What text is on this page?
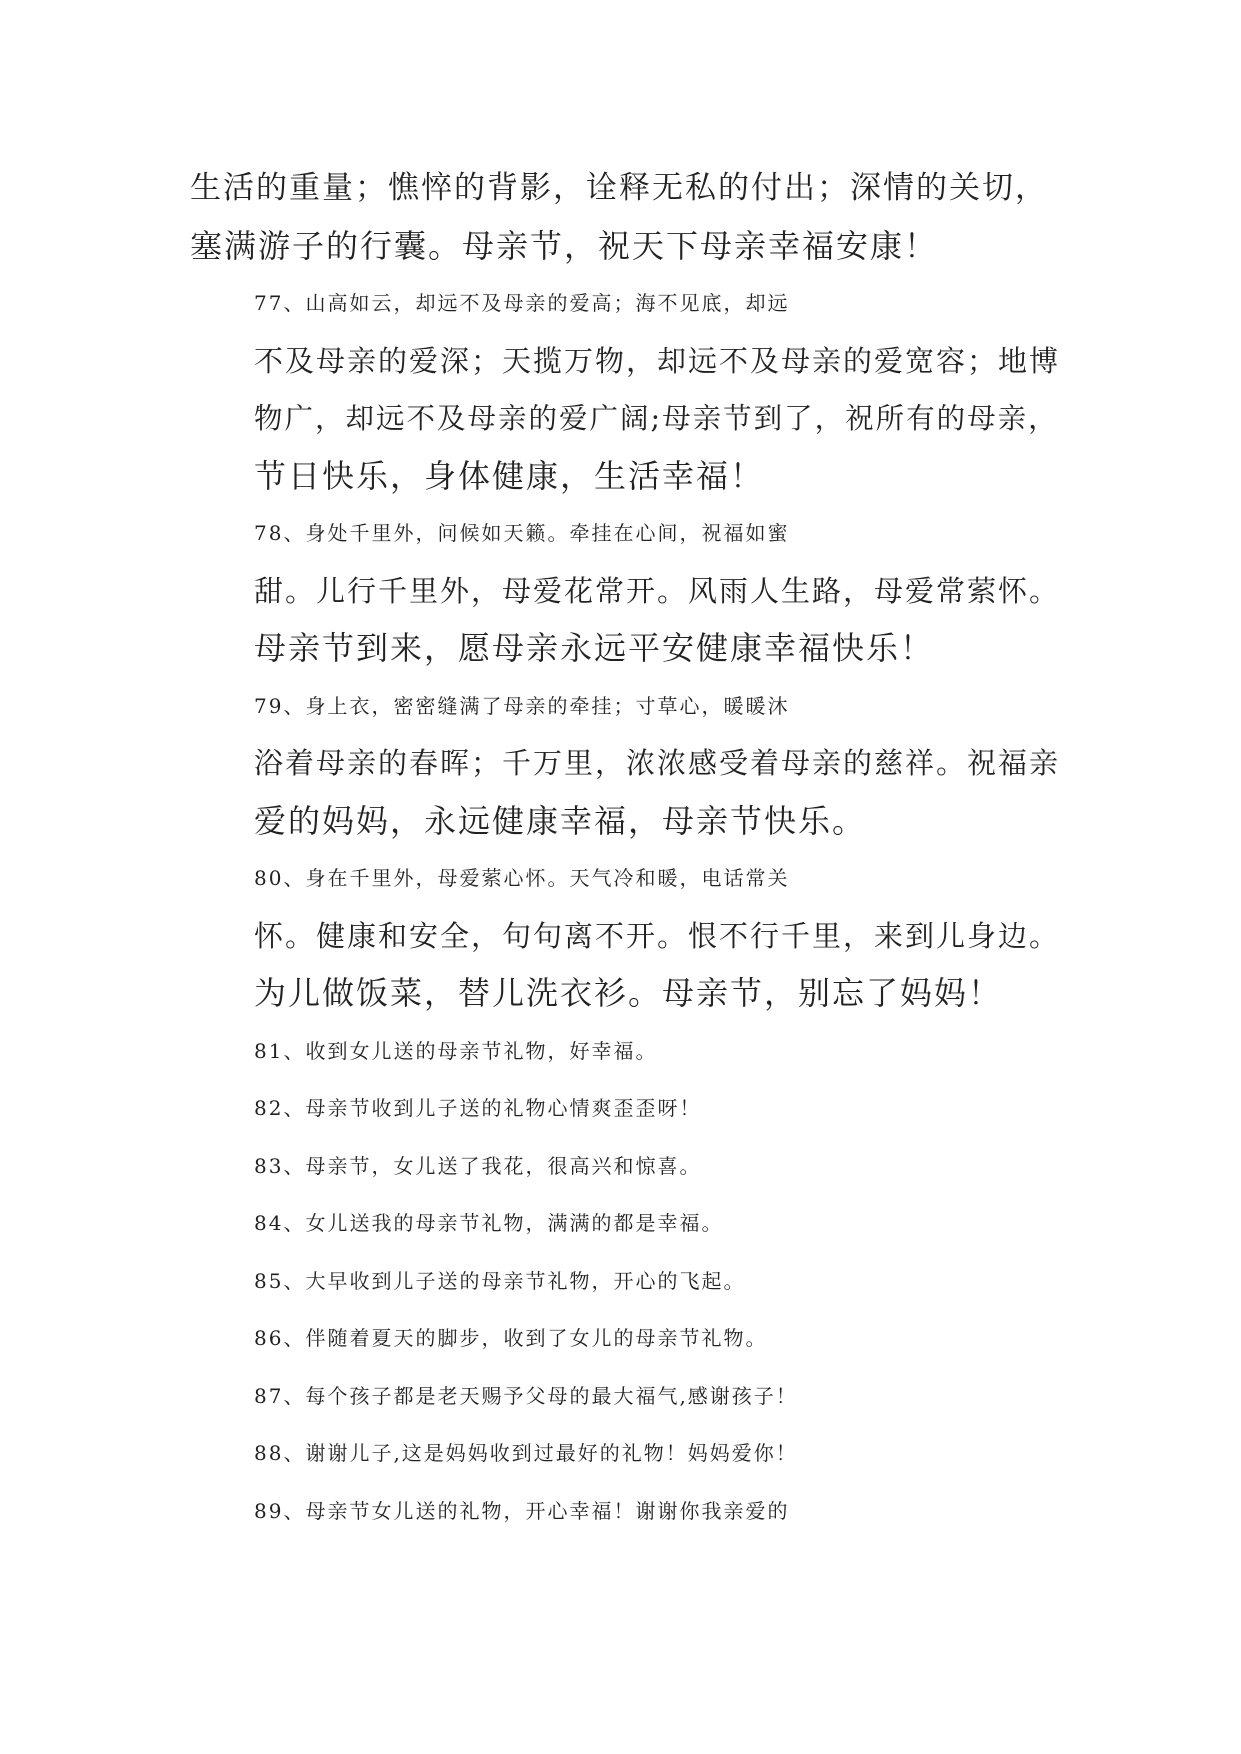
生活的重量；憔悴的背影，诠释无私的付出；深情的关切，
塞满游子的行囊。母亲节，祝天下母亲幸福安康！
77、山高如云，却远不及母亲的爱高；海不见底，却远
不及母亲的爱深；天揽万物，却远不及母亲的爱宽容；地博
物广，却远不及母亲的爱广阔;母亲节到了，祝所有的母亲，
节日快乐，身体健康，生活幸福！
78、身处千里外，问候如天籁。牵挂在心间，祝福如蜜
甜。儿行千里外，母爱花常开。风雨人生路，母爱常萦怀。
母亲节到来，愿母亲永远平安健康幸福快乐！
79、身上衣，密密缝满了母亲的牵挂；寸草心，暖暖沐
浴着母亲的春晖；千万里，浓浓感受着母亲的慈祥。祝福亲
爱的妈妈，永远健康幸福，母亲节快乐。
80、身在千里外，母爱萦心怀。天气冷和暖，电话常关
怀。健康和安全，句句离不开。恨不行千里，来到儿身边。
为儿做饭菜，替儿洗衣衫。母亲节，别忘了妈妈！
81、收到女儿送的母亲节礼物，好幸福。
82、母亲节收到儿子送的礼物心情爽歪歪呀！
83、母亲节，女儿送了我花，很高兴和惊喜。
84、女儿送我的母亲节礼物，满满的都是幸福。
85、大早收到儿子送的母亲节礼物，开心的飞起。
86、伴随着夏天的脚步，收到了女儿的母亲节礼物。
87、每个孩子都是老天赐予父母的最大福气,感谢孩子！
88、谢谢儿子,这是妈妈收到过最好的礼物！妈妈爱你！
89、母亲节女儿送的礼物，开心幸福！谢谢你我亲爱的
